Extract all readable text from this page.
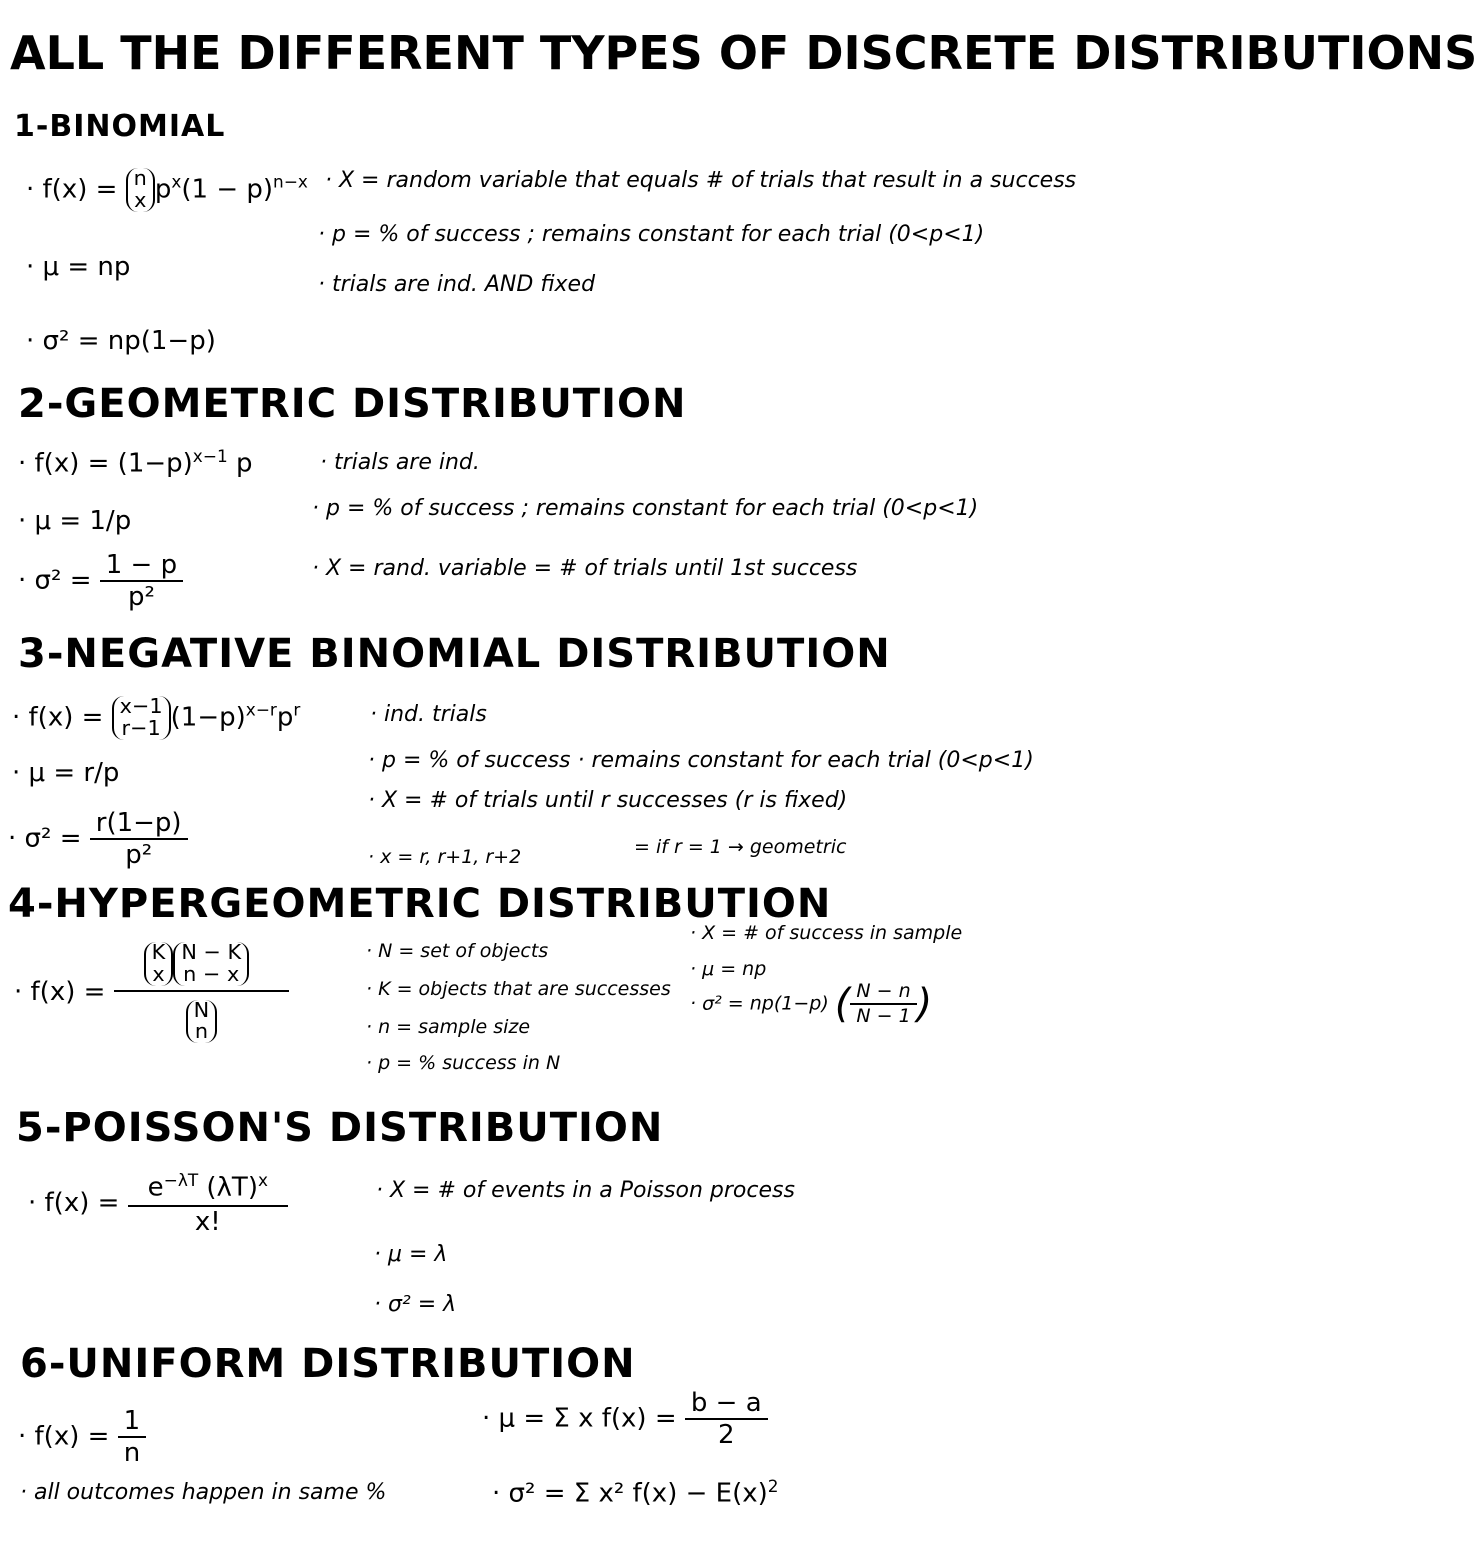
ALL THE DIFFERENT TYPES OF DISCRETE DISTRIBUTIONS
1-BINOMIAL
· f(x) = n
x $p^x(1 - p)^{n-x}$
· μ = np
· σ² = np(1−p)
· X = random variable that equals # of trials that result in a success
· p = % of success ; remains constant for each trial (0<p<1)
· trials are ind. AND fixed
2-GEOMETRIC DISTRIBUTION
· $f(x) = (1-p)^{x-1}$ p
· μ = 1/p
· $\sigma^2 = \frac{1 - p}{\text{p²}}$
· trials are ind.
· p = % of success ; remains constant for each trial (0<p<1)
· X = rand. variable = # of trials until 1st success
3-NEGATIVE BINOMIAL DISTRIBUTION
· f(x) = x−1
r−1 $(1-p)^{x-r}p^r$
· μ = r/p
· $\sigma^2 = \frac{r(1-p)}{\text{p²}}$
· ind. trials
· p = % of success · remains constant for each trial (0<p<1)
· X = # of trials until r successes (r is fixed)
· x = r, r+1, r+2	= if r = 1 → geometric
4-HYPERGEOMETRIC DISTRIBUTION
· f(x) = K
x
N − K
n − x
N
n	· N = set of objects
· K = objects that are successes
· n = sample size
· p = % success in N
· X = # of success in sample
· μ = np
· σ² = np(1−p) ( $\frac{N - n}{N - 1}$ )
5-POISSON'S DISTRIBUTION
· $f(x) = \frac{e^{-\lambda T} (\lambda T)^x}{x!}$	· X = # of events in a Poisson process
· μ = λ
· σ² = λ
6-UNIFORM DISTRIBUTION
· $f(x) = \frac{1}{n}$	· μ = Σ x $f(x) = \frac{b - a}{2}$
· all outcomes happen in same %	· σ² = Σ x² $f(x) - E(x)^2$
